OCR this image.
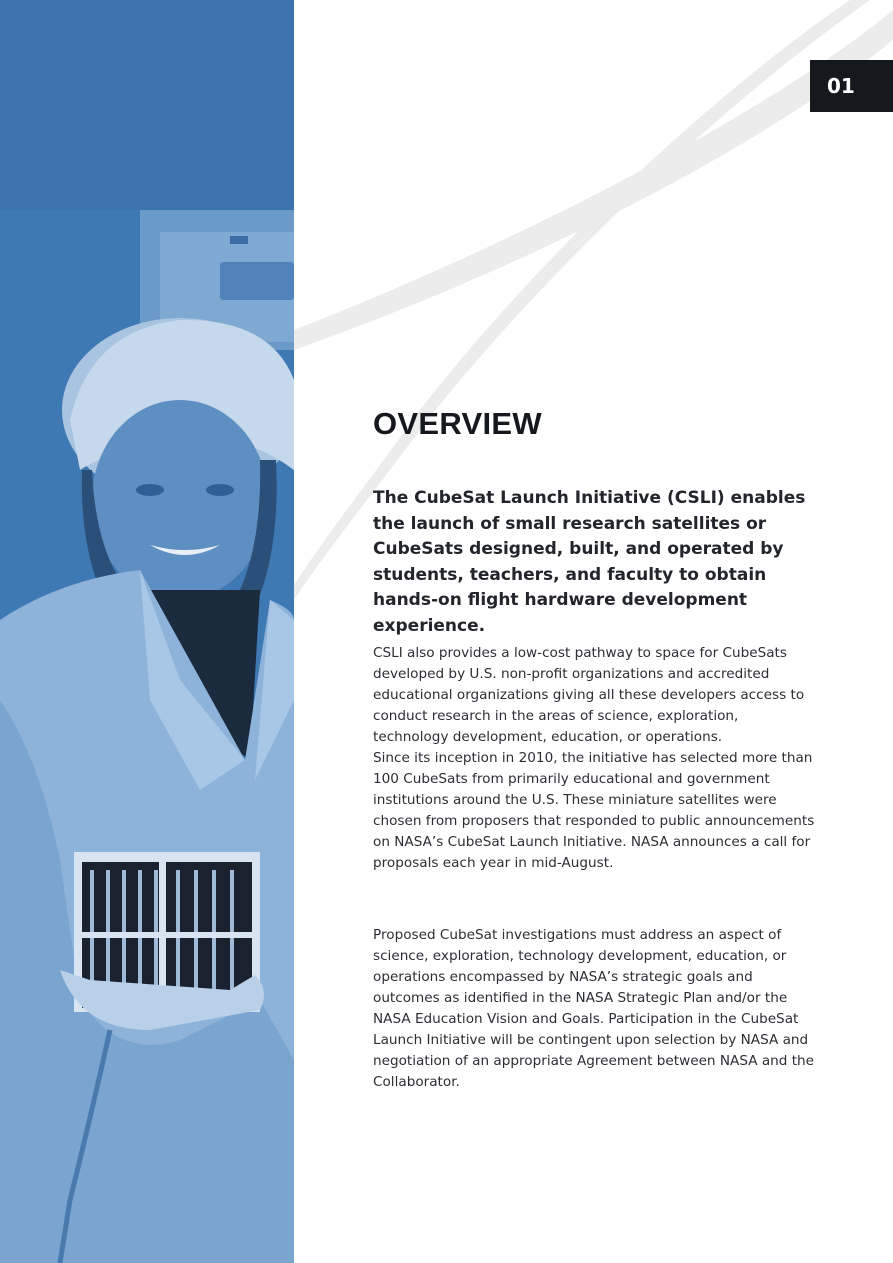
01
OVERVIEW

The CubeSat Launch Initiative (CSLI) enables the launch of small research satellites or CubeSats designed, built, and operated by students, teachers, and faculty to obtain hands-on flight hardware development experience.

CSLI also provides a low-cost pathway to space for CubeSats developed by U.S. non-profit organizations and accredited educational organizations giving all these developers access to conduct research in the areas of science, exploration, technology development, education, or operations.
Since its inception in 2010, the initiative has selected more than 100 CubeSats from primarily educational and government institutions around the U.S. These miniature satellites were chosen from proposers that responded to public announcements on NASA’s CubeSat Launch Initiative. NASA announces a call for proposals each year in mid-August.

Proposed CubeSat investigations must address an aspect of science, exploration, technology development, education, or operations encompassed by NASA’s strategic goals and outcomes as identified in the NASA Strategic Plan and/or the NASA Education Vision and Goals. Participation in the CubeSat Launch Initiative will be contingent upon selection by NASA and negotiation of an appropriate Agreement between NASA and the Collaborator.
